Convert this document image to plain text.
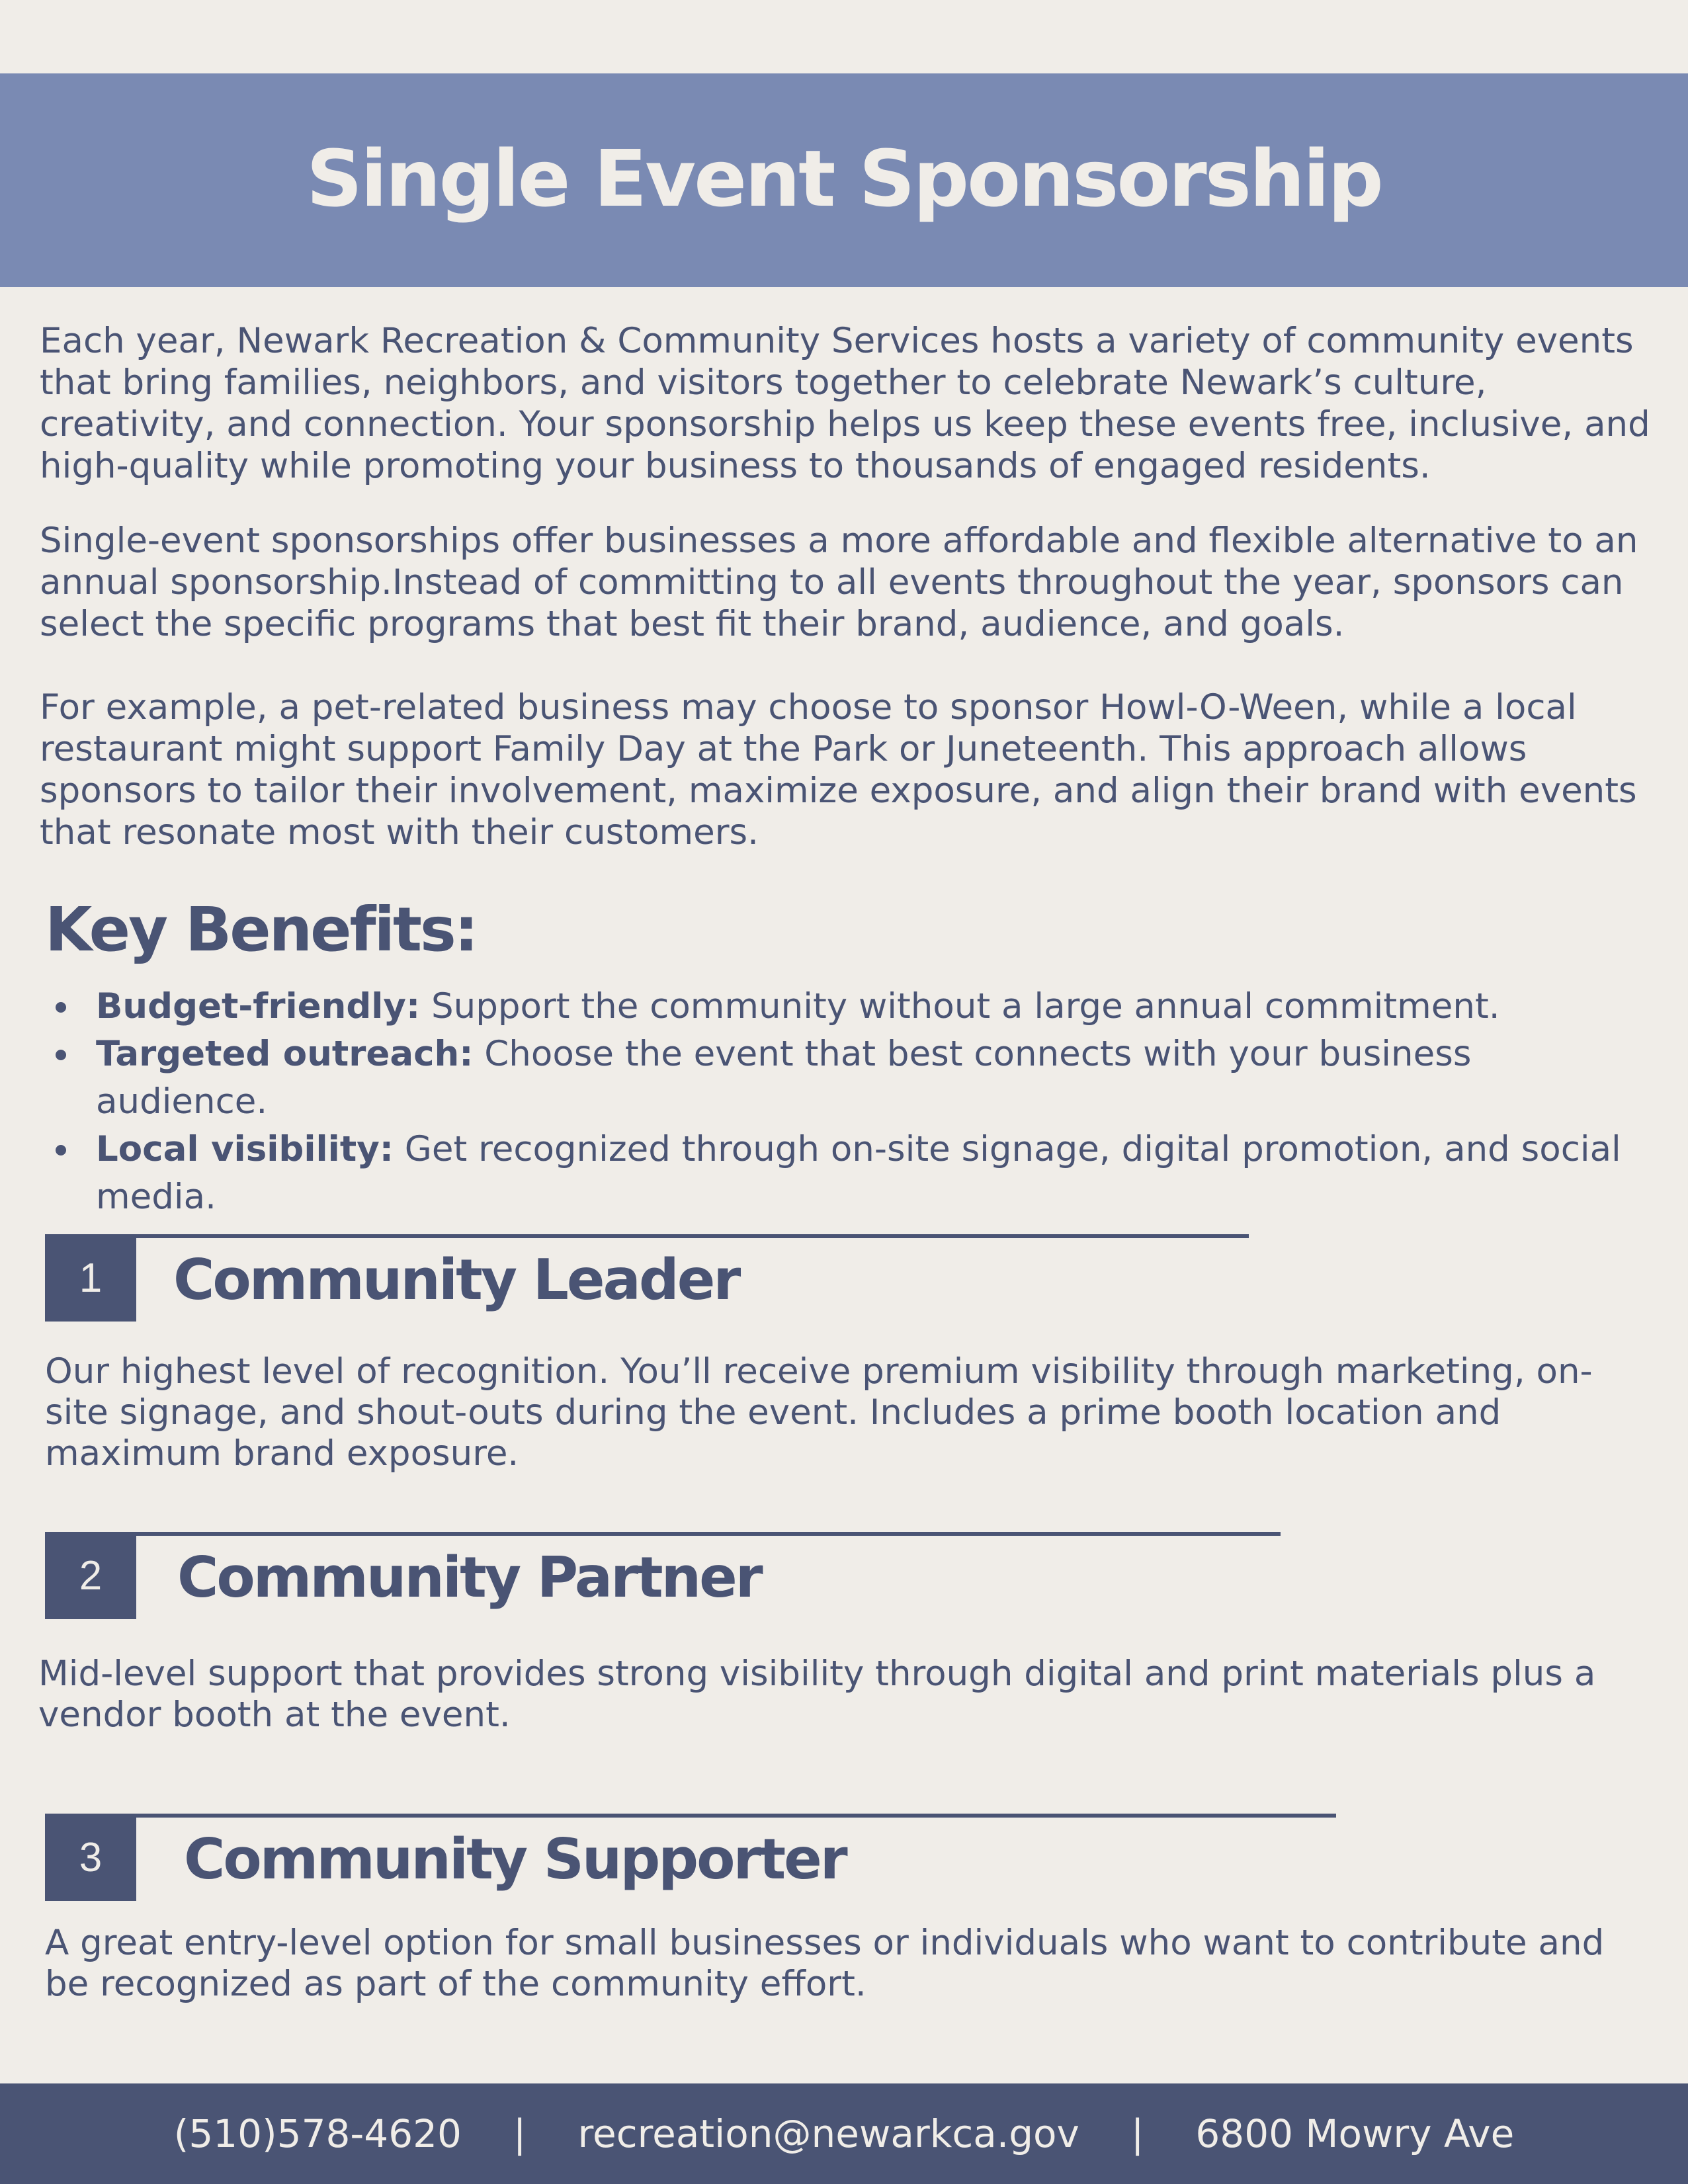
Single Event Sponsorship

Each year, Newark Recreation & Community Services hosts a variety of community events that bring families, neighbors, and visitors together to celebrate Newark’s culture, creativity, and connection. Your sponsorship helps us keep these events free, inclusive, and high-quality while promoting your business to thousands of engaged residents.

Single-event sponsorships offer businesses a more affordable and flexible alternative to an annual sponsorship.Instead of committing to all events throughout the year, sponsors can select the specific programs that best fit their brand, audience, and goals.

For example, a pet-related business may choose to sponsor Howl-O-Ween, while a local restaurant might support Family Day at the Park or Juneteenth. This approach allows sponsors to tailor their involvement, maximize exposure, and align their brand with events that resonate most with their customers.

Key Benefits:
Budget-friendly: Support the community without a large annual commitment.
Targeted outreach: Choose the event that best connects with your business audience.
Local visibility: Get recognized through on-site signage, digital promotion, and social media.
1	Community Leader

Our highest level of recognition. You’ll receive premium visibility through marketing, on-site signage, and shout-outs during the event. Includes a prime booth location and maximum brand exposure.

2	Community Partner

Mid-level support that provides strong visibility through digital and print materials plus a vendor booth at the event.

3	Community Supporter

A great entry-level option for small businesses or individuals who want to contribute and be recognized as part of the community effort.

(510)578-4620 | recreation@newarkca.gov | 6800 Mowry Ave
